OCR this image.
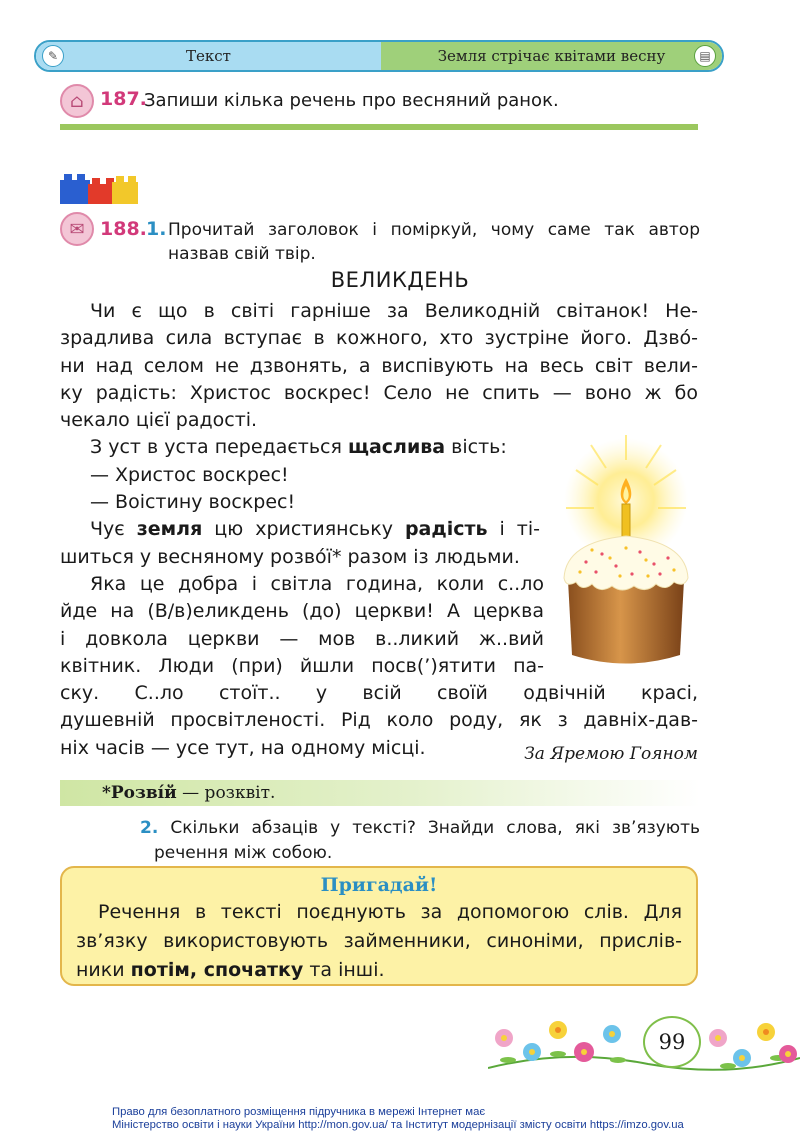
✎	Текст	Земля стрічає квітами весну	▤
⌂ 187.
Запиши кілька речень про весняний ранок.
✉ 188. 1. Прочитай заголовок і поміркуй, чому саме так автор
назвав свій твір.
ВЕЛИКДЕНЬ
Чи є що в світі гарніше за Великодній світанок! Не-
зрадлива сила вступає в кожного, хто зустріне його. Дзво́-
ни над селом не дзвонять, а виспівують на весь світ вели-
ку радість: Христос воскрес! Село не спить — воно ж бо
чекало цієї радості.
З уст в уста передається щаслива вість:
— Христос воскрес!
— Воістину воскрес!
Чує земля цю християнську радість і ті-
шиться у весняному розво́ї* разом із людьми.
Яка це добра і світла година, коли с..ло
йде на (В/в)еликдень (до) церкви! А церква
і довкола церкви — мов в..ликий ж..вий
квітник. Люди (при) йшли посв(’)ятити па-
ску. С..ло стоїт.. у всій своїй одвічній красі,
душевній просвітленості. Рід коло роду, як з давніх-дав-
ніх часів — усе тут, на одному місці.	За Яремою Гояном
*Розві́й — розквіт.
2. Скільки абзаців у тексті? Знайди слова, які зв’язують
речення між собою.
Пригадай!
Речення в тексті поєднують за допомогою слів. Для
зв’язку використовують займенники, синоніми, прислів-
ники потім, спочатку та інші.
99
Право для безоплатного розміщення підручника в мережі Інтернет має
Міністерство освіти і науки України http://mon.gov.ua/ та Інститут модернізації змісту освіти https://imzo.gov.ua
